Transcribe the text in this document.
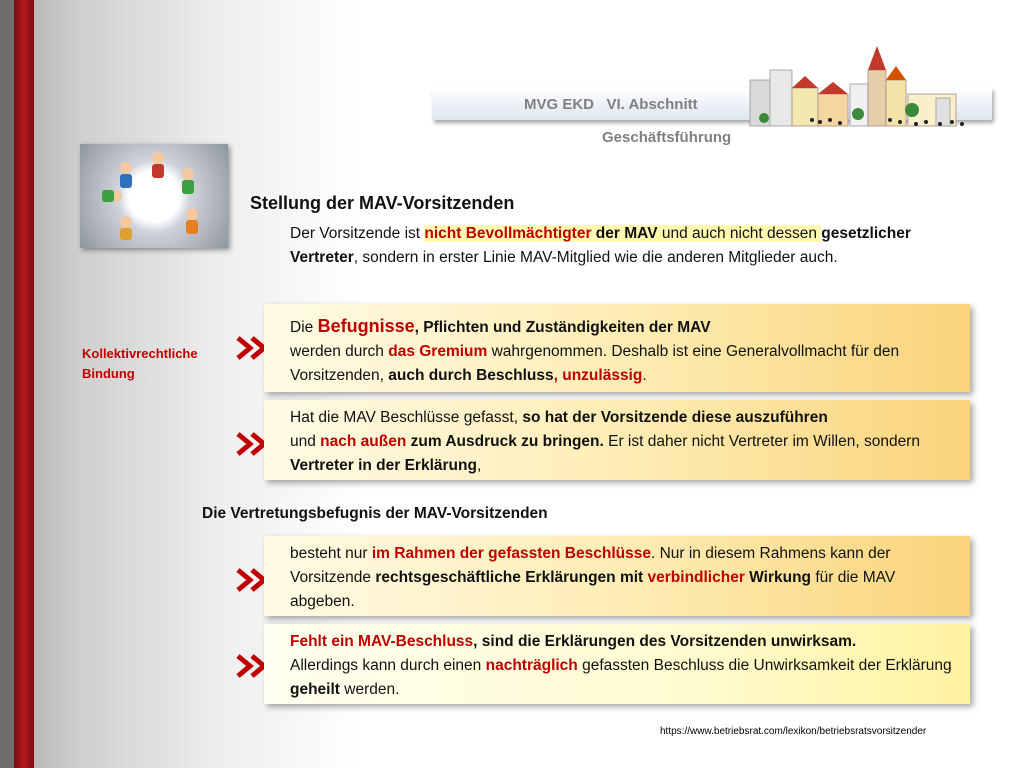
MVG EKD   VI. Abschnitt
Geschäftsführung
Stellung der MAV-Vorsitzenden
Der Vorsitzende ist nicht Bevollmächtigter der MAV und auch nicht dessen gesetzlicher Vertreter, sondern in erster Linie MAV-Mitglied wie die anderen Mitglieder auch.
Kollektivrechtliche
Bindung
Die Befugnisse, Pflichten und Zuständigkeiten der MAV
werden durch das Gremium wahrgenommen. Deshalb ist eine Generalvollmacht für den Vorsitzenden, auch durch Beschluss, unzulässig.
Hat die MAV Beschlüsse gefasst, so hat der Vorsitzende diese auszuführen
und nach außen zum Ausdruck zu bringen. Er ist daher nicht Vertreter im Willen, sondern Vertreter in der Erklärung,
Die Vertretungsbefugnis der MAV-Vorsitzenden
besteht nur im Rahmen der gefassten Beschlüsse. Nur in diesem Rahmens kann der Vorsitzende rechtsgeschäftliche Erklärungen mit verbindlicher Wirkung für die MAV abgeben.
Fehlt ein MAV-Beschluss, sind die Erklärungen des Vorsitzenden unwirksam.
Allerdings kann durch einen nachträglich gefassten Beschluss die Unwirksamkeit der Erklärung geheilt werden.
https://www.betriebsrat.com/lexikon/betriebsratsvorsitzender
